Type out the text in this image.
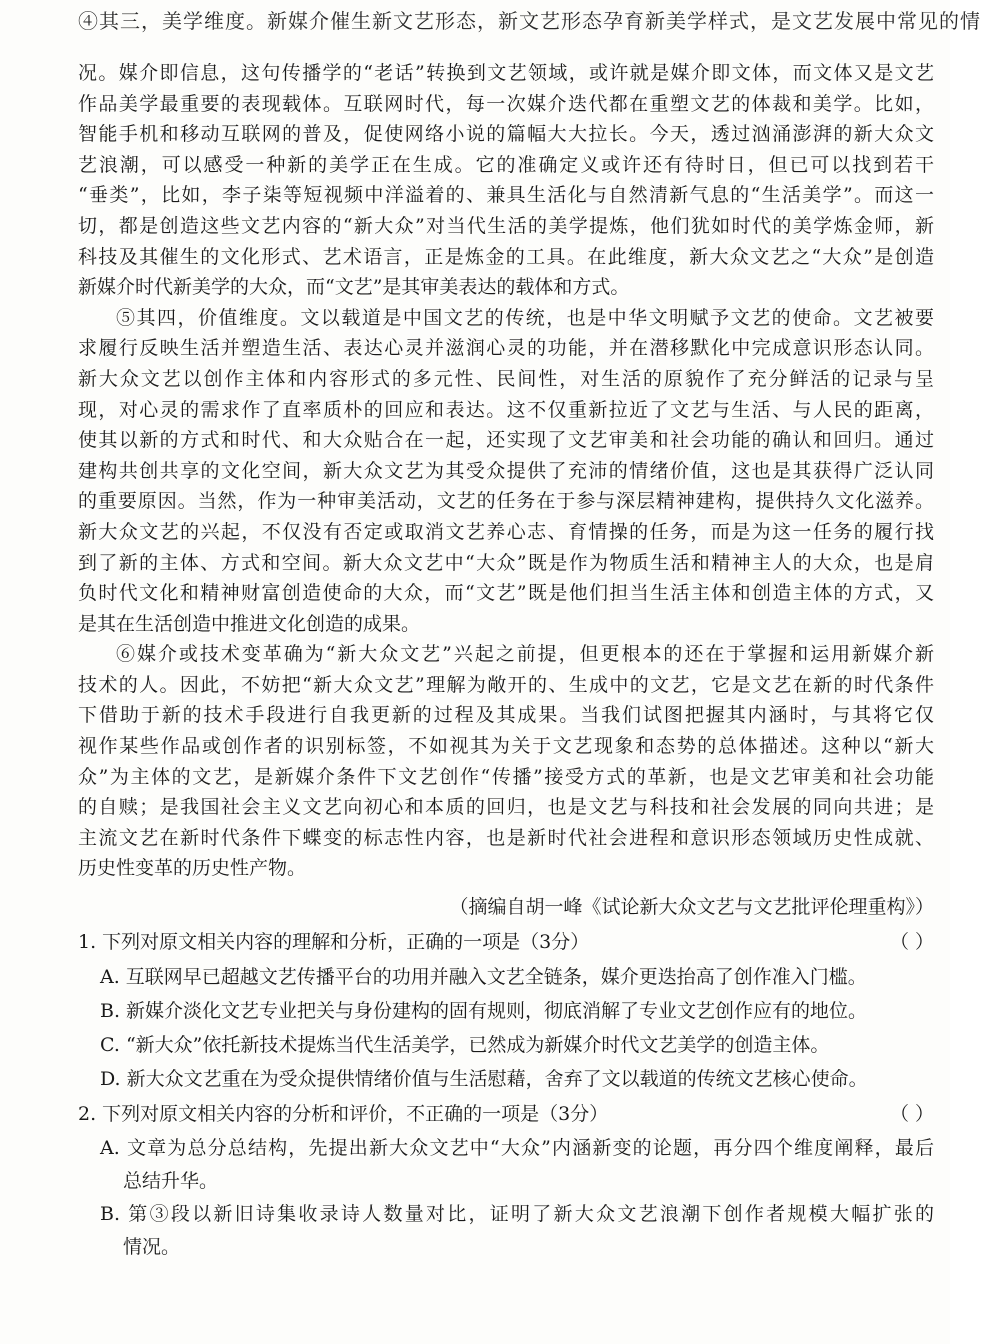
④其三，美学维度。新媒介催生新文艺形态，新文艺形态孕育新美学样式，是文艺发展中常见的情
况。媒介即信息，这句传播学的“老话”转换到文艺领域，或许就是媒介即文体，而文体又是文艺
作品美学最重要的表现载体。互联网时代，每一次媒介迭代都在重塑文艺的体裁和美学。比如，
智能手机和移动互联网的普及，促使网络小说的篇幅大大拉长。今天，透过汹涌澎湃的新大众文
艺浪潮，可以感受一种新的美学正在生成。它的准确定义或许还有待时日，但已可以找到若干
“垂类”，比如，李子柒等短视频中洋溢着的、兼具生活化与自然清新气息的“生活美学”。而这一
切，都是创造这些文艺内容的“新大众”对当代生活的美学提炼，他们犹如时代的美学炼金师，新
科技及其催生的文化形式、艺术语言，正是炼金的工具。在此维度，新大众文艺之“大众”是创造
新媒介时代新美学的大众，而“文艺”是其审美表达的载体和方式。
⑤其四，价值维度。文以载道是中国文艺的传统，也是中华文明赋予文艺的使命。文艺被要
求履行反映生活并塑造生活、表达心灵并滋润心灵的功能，并在潜移默化中完成意识形态认同。
新大众文艺以创作主体和内容形式的多元性、民间性，对生活的原貌作了充分鲜活的记录与呈
现，对心灵的需求作了直率质朴的回应和表达。这不仅重新拉近了文艺与生活、与人民的距离，
使其以新的方式和时代、和大众贴合在一起，还实现了文艺审美和社会功能的确认和回归。通过
建构共创共享的文化空间，新大众文艺为其受众提供了充沛的情绪价值，这也是其获得广泛认同
的重要原因。当然，作为一种审美活动，文艺的任务在于参与深层精神建构，提供持久文化滋养。
新大众文艺的兴起，不仅没有否定或取消文艺养心志、育情操的任务，而是为这一任务的履行找
到了新的主体、方式和空间。新大众文艺中“大众”既是作为物质生活和精神主人的大众，也是肩
负时代文化和精神财富创造使命的大众，而“文艺”既是他们担当生活主体和创造主体的方式，又
是其在生活创造中推进文化创造的成果。
⑥媒介或技术变革确为“新大众文艺”兴起之前提，但更根本的还在于掌握和运用新媒介新
技术的人。因此，不妨把“新大众文艺”理解为敞开的、生成中的文艺，它是文艺在新的时代条件
下借助于新的技术手段进行自我更新的过程及其成果。当我们试图把握其内涵时，与其将它仅
视作某些作品或创作者的识别标签，不如视其为关于文艺现象和态势的总体描述。这种以“新大
众”为主体的文艺，是新媒介条件下文艺创作“传播”接受方式的革新，也是文艺审美和社会功能
的自赎；是我国社会主义文艺向初心和本质的回归，也是文艺与科技和社会发展的同向共进；是
主流文艺在新时代条件下蝶变的标志性内容，也是新时代社会进程和意识形态领域历史性成就、
历史性变革的历史性产物。
（摘编自胡一峰《试论新大众文艺与文艺批评伦理重构》）
1. 下列对原文相关内容的理解和分析，正确的一项是（3分）	（ ）
A. 互联网早已超越文艺传播平台的功用并融入文艺全链条，媒介更迭抬高了创作准入门槛。
B. 新媒介淡化文艺专业把关与身份建构的固有规则，彻底消解了专业文艺创作应有的地位。
C. “新大众”依托新技术提炼当代生活美学，已然成为新媒介时代文艺美学的创造主体。
D. 新大众文艺重在为受众提供情绪价值与生活慰藉，舍弃了文以载道的传统文艺核心使命。
2. 下列对原文相关内容的分析和评价，不正确的一项是（3分）	（ ）
A. 文章为总分总结构，先提出新大众文艺中“大众”内涵新变的论题，再分四个维度阐释，最后
总结升华。
B. 第③段以新旧诗集收录诗人数量对比，证明了新大众文艺浪潮下创作者规模大幅扩张的
情况。
